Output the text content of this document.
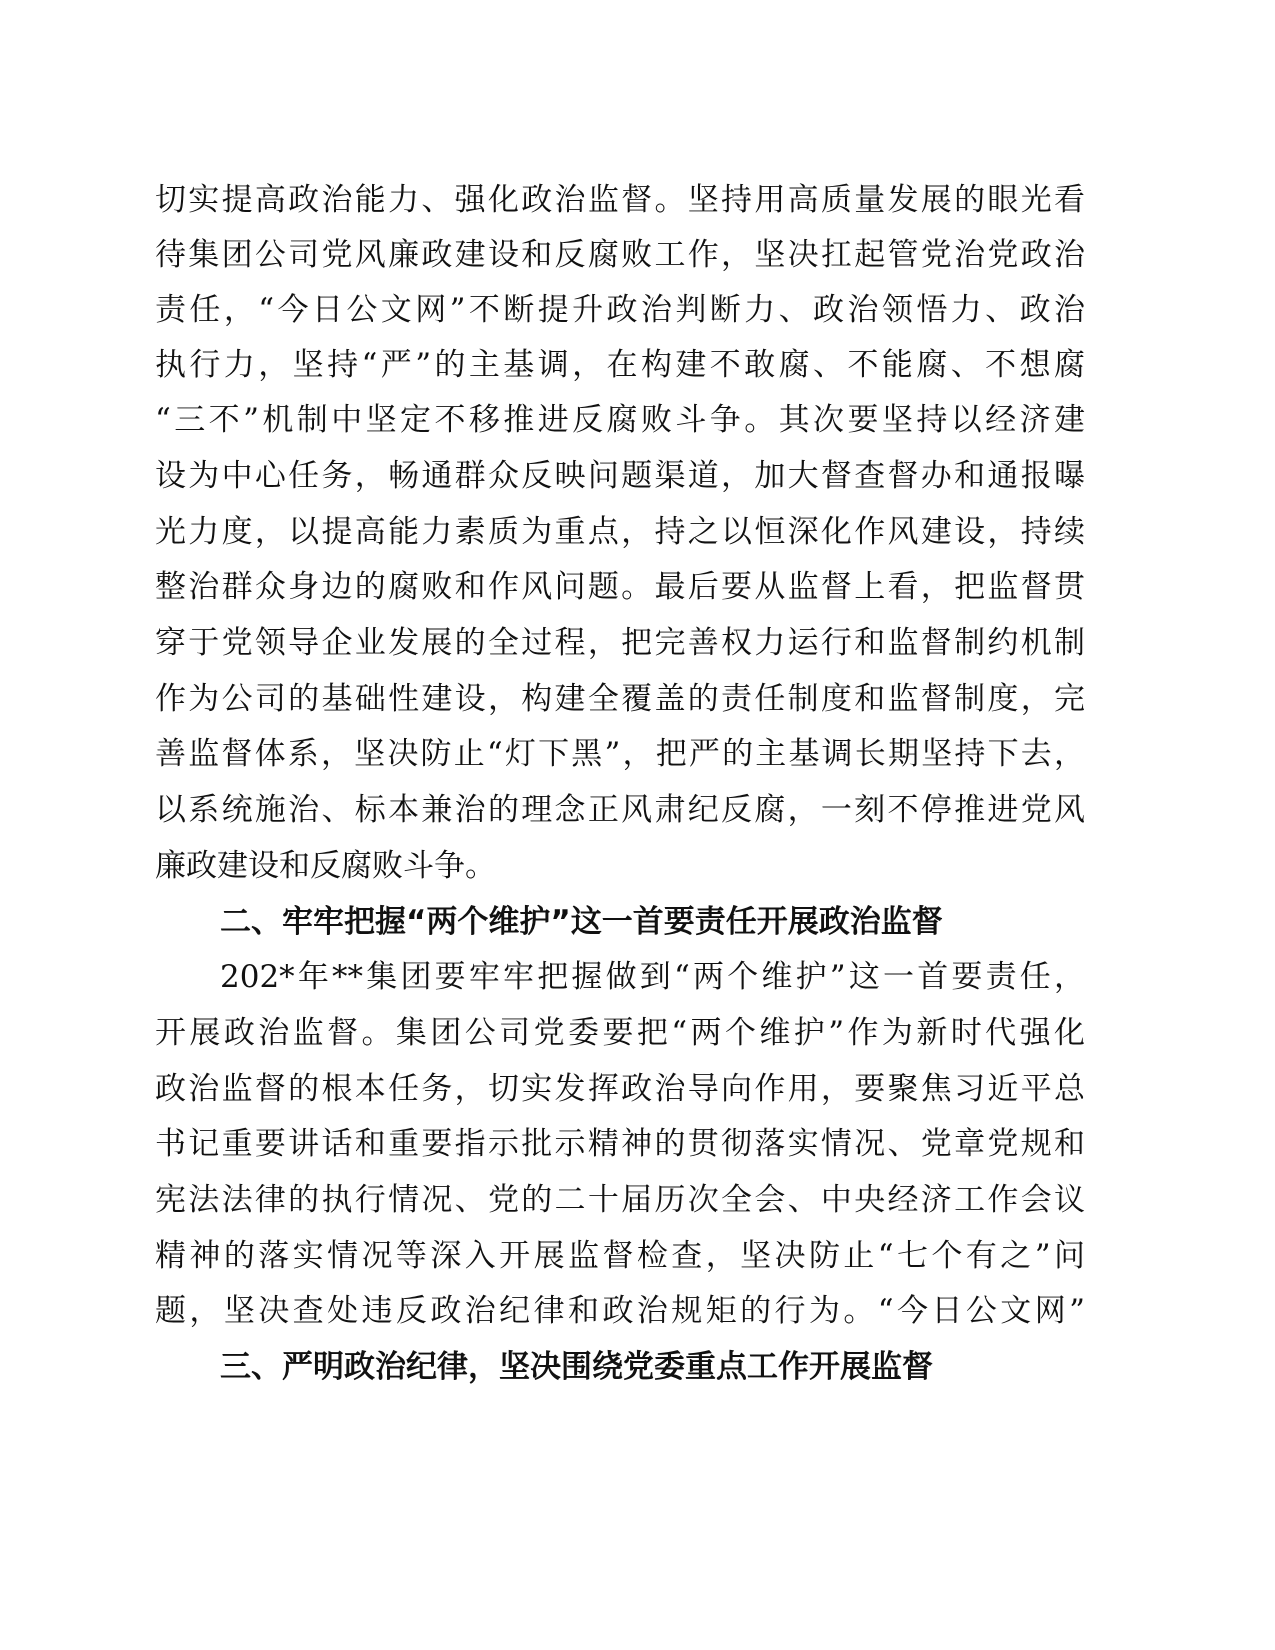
切实提高政治能力、强化政治监督。坚持用高质量发展的眼光看
待集团公司党风廉政建设和反腐败工作，坚决扛起管党治党政治
责任，“今日公文网”不断提升政治判断力、政治领悟力、政治
执行力，坚持“严”的主基调，在构建不敢腐、不能腐、不想腐
“三不”机制中坚定不移推进反腐败斗争。其次要坚持以经济建
设为中心任务，畅通群众反映问题渠道，加大督查督办和通报曝
光力度，以提高能力素质为重点，持之以恒深化作风建设，持续
整治群众身边的腐败和作风问题。最后要从监督上看，把监督贯
穿于党领导企业发展的全过程，把完善权力运行和监督制约机制
作为公司的基础性建设，构建全覆盖的责任制度和监督制度，完
善监督体系，坚决防止“灯下黑”，把严的主基调长期坚持下去，
以系统施治、标本兼治的理念正风肃纪反腐，一刻不停推进党风
廉政建设和反腐败斗争。
二、牢牢把握“两个维护”这一首要责任开展政治监督
202*年**集团要牢牢把握做到“两个维护”这一首要责任，
开展政治监督。集团公司党委要把“两个维护”作为新时代强化
政治监督的根本任务，切实发挥政治导向作用，要聚焦习近平总
书记重要讲话和重要指示批示精神的贯彻落实情况、党章党规和
宪法法律的执行情况、党的二十届历次全会、中央经济工作会议
精神的落实情况等深入开展监督检查，坚决防止“七个有之”问
题，坚决查处违反政治纪律和政治规矩的行为。“今日公文网”
三、严明政治纪律，坚决围绕党委重点工作开展监督
